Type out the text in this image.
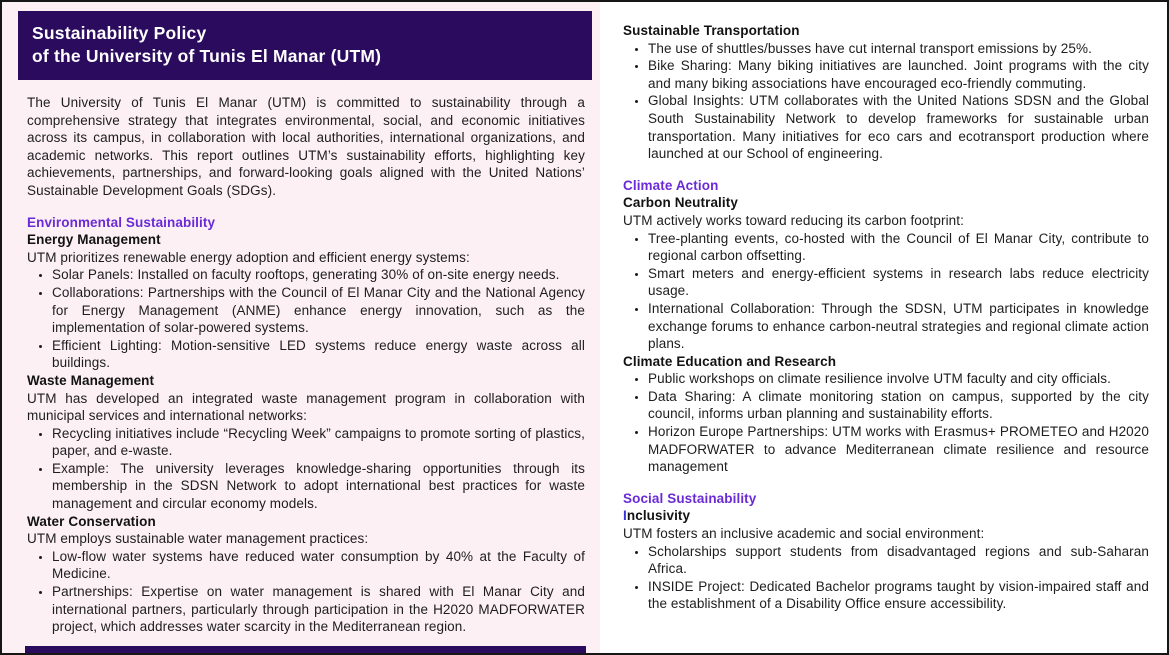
Sustainability Policy
of the University of Tunis El Manar (UTM)

The University of Tunis El Manar (UTM) is committed to sustainability through a comprehensive strategy that integrates environmental, social, and economic initiatives across its campus, in collaboration with local authorities, international organizations, and academic networks. This report outlines UTM’s sustainability efforts, highlighting key achievements, partnerships, and forward-looking goals aligned with the United Nations’ Sustainable Development Goals (SDGs).

Environmental Sustainability
Energy Management

UTM prioritizes renewable energy adoption and efficient energy systems:

• Solar Panels: Installed on faculty rooftops, generating 30% of on-site energy needs.
• Collaborations: Partnerships with the Council of El Manar City and the National Agency for Energy Management (ANME) enhance energy innovation, such as the implementation of solar-powered systems.
• Efficient Lighting: Motion-sensitive LED systems reduce energy waste across all buildings.
Waste Management

UTM has developed an integrated waste management program in collaboration with municipal services and international networks:

• Recycling initiatives include “Recycling Week” campaigns to promote sorting of plastics, paper, and e-waste.
• Example: The university leverages knowledge-sharing opportunities through its membership in the SDSN Network to adopt international best practices for waste management and circular economy models.
Water Conservation

UTM employs sustainable water management practices:

• Low-flow water systems have reduced water consumption by 40% at the Faculty of Medicine.
• Partnerships: Expertise on water management is shared with El Manar City and international partners, particularly through participation in the H2020 MADFORWATER project, which addresses water scarcity in the Mediterranean region.
Sustainable Transportation
• The use of shuttles/busses have cut internal transport emissions by 25%.
• Bike Sharing: Many biking initiatives are launched. Joint programs with the city and many biking associations have encouraged eco-friendly commuting.
• Global Insights: UTM collaborates with the United Nations SDSN and the Global South Sustainability Network to develop frameworks for sustainable urban transportation. Many initiatives for eco cars and ecotransport production where launched at our School of engineering.
Climate Action
Carbon Neutrality

UTM actively works toward reducing its carbon footprint:

• Tree-planting events, co-hosted with the Council of El Manar City, contribute to regional carbon offsetting.
• Smart meters and energy-efficient systems in research labs reduce electricity usage.
• International Collaboration: Through the SDSN, UTM participates in knowledge exchange forums to enhance carbon-neutral strategies and regional climate action plans.
Climate Education and Research
• Public workshops on climate resilience involve UTM faculty and city officials.
• Data Sharing: A climate monitoring station on campus, supported by the city council, informs urban planning and sustainability efforts.
• Horizon Europe Partnerships: UTM works with Erasmus+ PROMETEO and H2020 MADFORWATER to advance Mediterranean climate resilience and resource management
Social Sustainability
Inclusivity

UTM fosters an inclusive academic and social environment:

• Scholarships support students from disadvantaged regions and sub-Saharan Africa.
• INSIDE Project: Dedicated Bachelor programs taught by vision-impaired staff and the establishment of a Disability Office ensure accessibility.
